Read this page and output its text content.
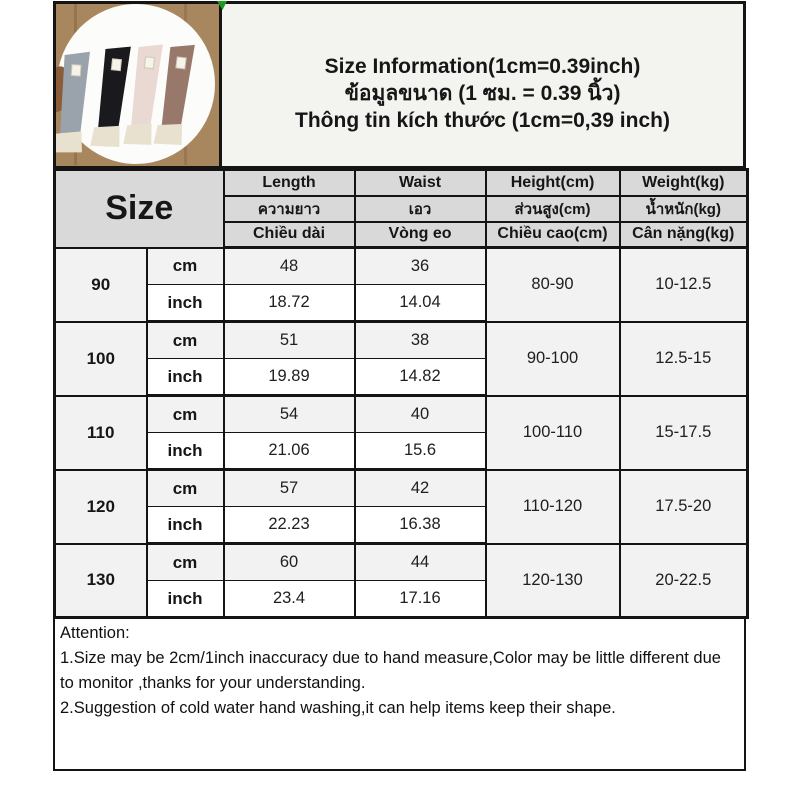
Size Information(1cm=0.39inch)
ข้อมูลขนาด (1 ซม. = 0.39 นิ้ว)
Thông tin kích thước (1cm=0,39 inch)
Size		Length	Waist	Height(cm)	Weight(kg)
		ความยาว	เอว	ส่วนสูง(cm)	น้ำหนัก(kg)
		Chiều dài	Vòng eo	Chiều cao(cm)	Cân nặng(kg)
90	cm	48	36	80-90	10-12.5
	inch	18.72	14.04		
100	cm	51	38	90-100	12.5-15
	inch	19.89	14.82		
110	cm	54	40	100-110	15-17.5
	inch	21.06	15.6		
120	cm	57	42	110-120	17.5-20
	inch	22.23	16.38		
130	cm	60	44	120-130	20-22.5
	inch	23.4	17.16		

Attention:

1.Size may be 2cm/1inch inaccuracy due to hand measure,Color may be little different due to monitor ,thanks for your understanding.

2.Suggestion of cold water hand washing,it can help items keep their shape.
